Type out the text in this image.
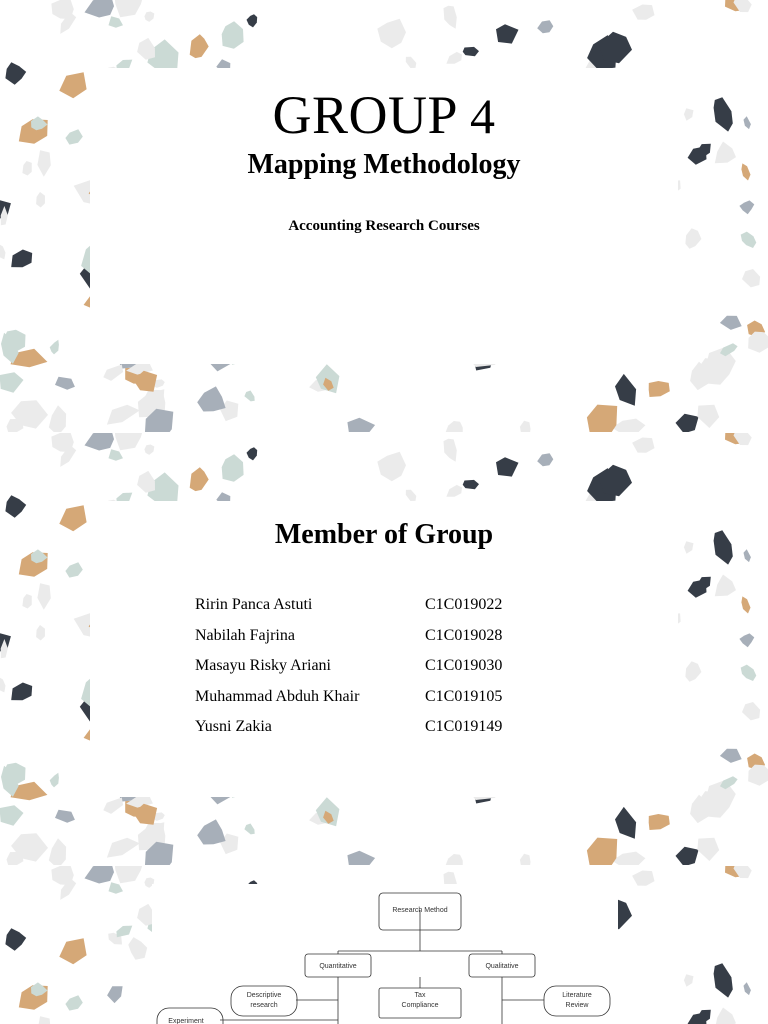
GROUP 4
Mapping Methodology
Accounting Research Courses
Member of Group
Ririn Panca Astuti	C1C019022
Nabilah Fajrina	C1C019028
Masayu Risky Ariani	C1C019030
Muhammad Abduh Khair	C1C019105
Yusni Zakia	C1C019149
Research Method
Quantitative	Qualitative
Descriptive
research
Tax
Compliance
Literature
Review
Experiment
